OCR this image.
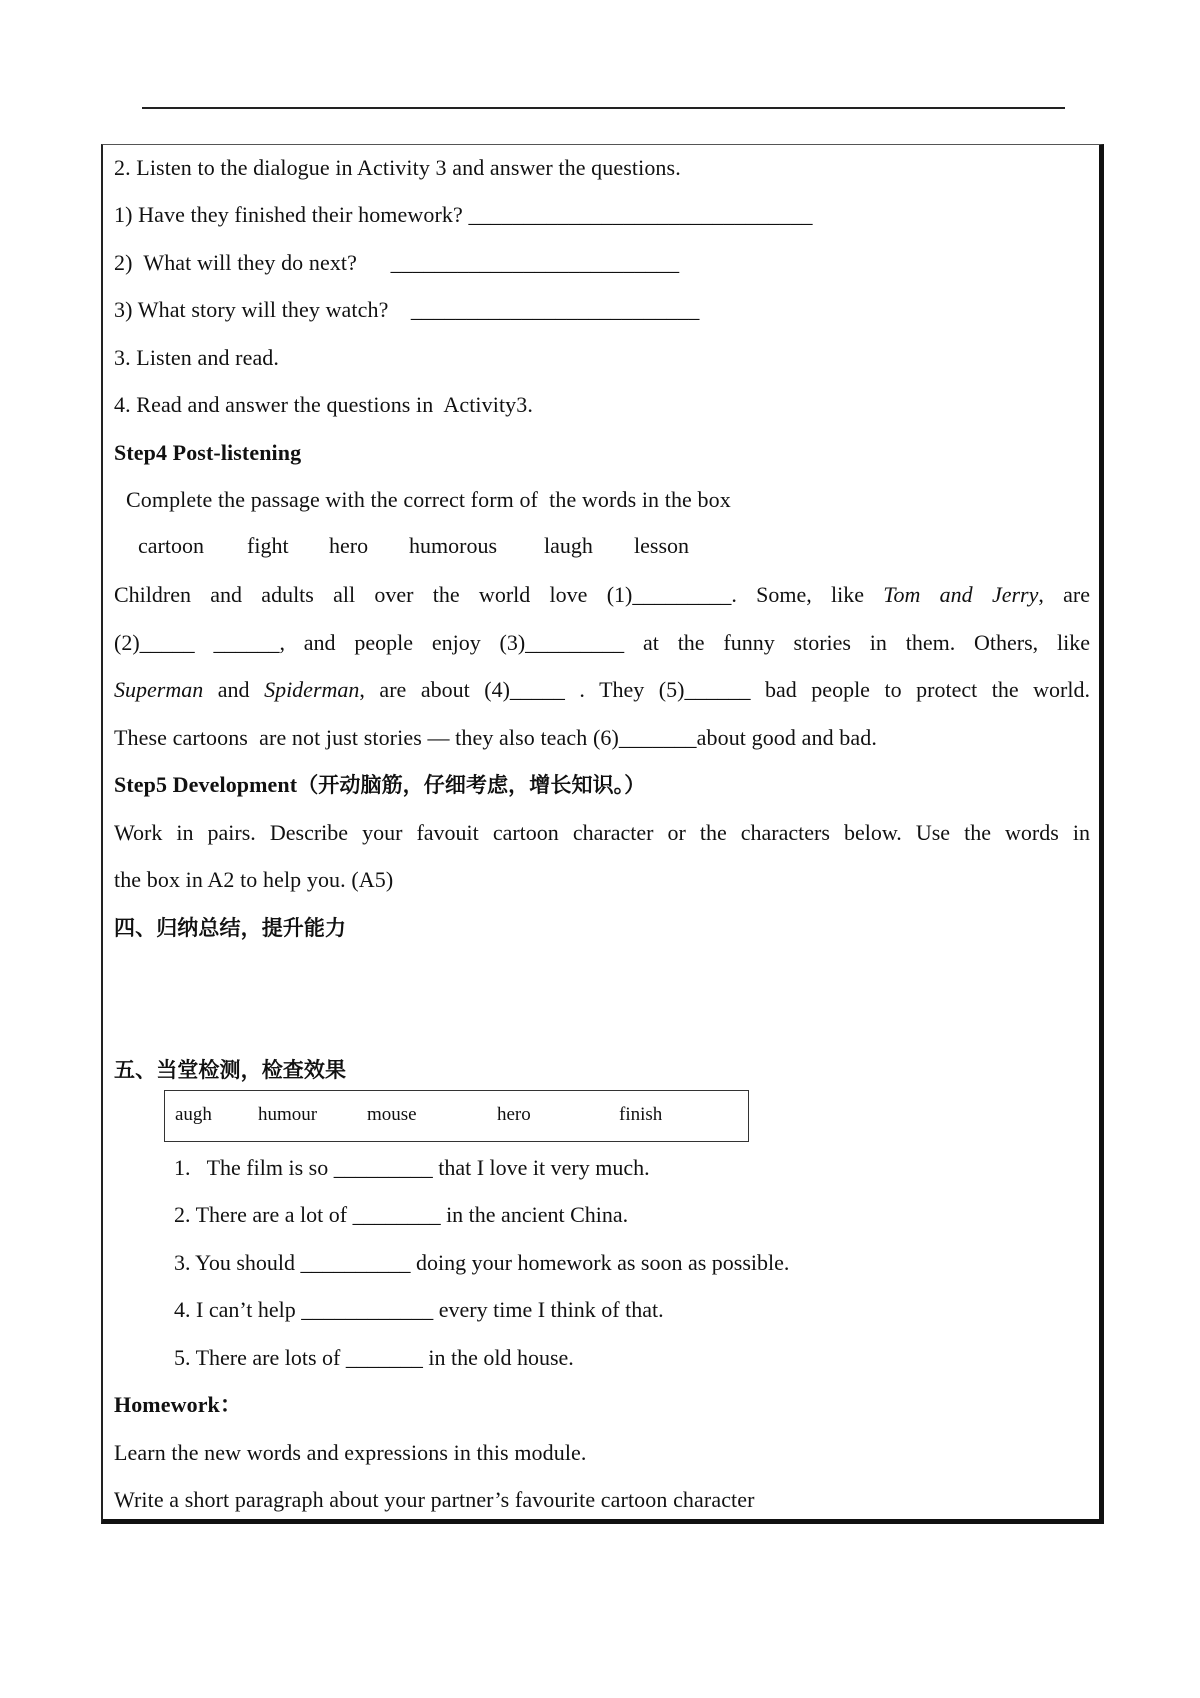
2. Listen to the dialogue in Activity 3 and answer the questions.
1) Have they finished their homework? _______________________________
2)  What will they do next?      __________________________
3) What story will they watch?    __________________________
3. Listen and read.
4. Read and answer the questions in  Activity3.
Step4 Post-listening
Complete the passage with the correct form of  the words in the box
cartoon fight hero humorous laugh lesson
Children and adults all over the world love (1)_________. Some, like Tom and Jerry, are
(2)_____ ______, and people enjoy (3)_________ at the funny stories in them. Others, like
Superman and Spiderman, are about (4)_____ . They (5)______ bad people to protect the world.
These cartoons  are not just stories — they also teach (6)_______about good and bad.
Step5 Development（开动脑筋，仔细考虑，增长知识。）
Work in pairs. Describe your favouit cartoon character or the characters below. Use the words in
the box in A2 to help you. (A5)
四、归纳总结，提升能力
五、当堂检测，检查效果
augh humour	mouse	hero	finish
1.   The film is so _________ that I love it very much.
2. There are a lot of ________ in the ancient China.
3. You should __________ doing your homework as soon as possible.
4. I can’t help ____________ every time I think of that.
5. There are lots of _______ in the old house.
Homework：
Learn the new words and expressions in this module.
Write a short paragraph about your partner’s favourite cartoon character
